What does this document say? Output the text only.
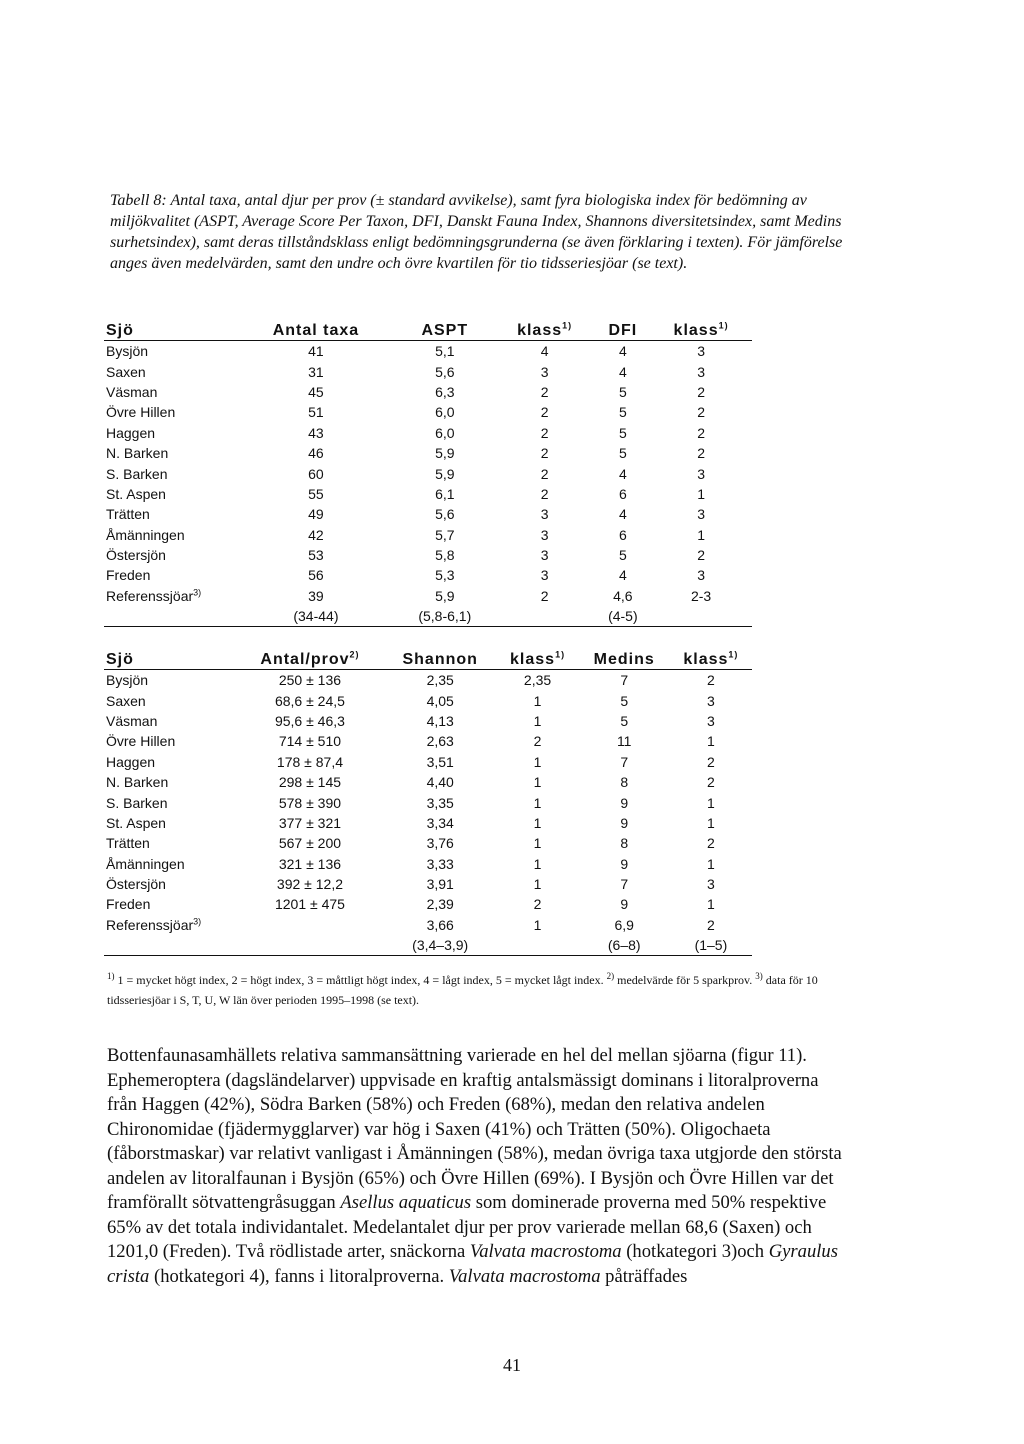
Tabell 8: Antal taxa, antal djur per prov (± standard avvikelse), samt fyra biologiska index för bedömning av miljökvalitet (ASPT, Average Score Per Taxon, DFI, Danskt Fauna Index, Shannons diversitetsindex, samt Medins surhetsindex), samt deras tillståndsklass enligt bedömningsgrunderna (se även förklaring i texten). För jämförelse anges även medelvärden, samt den undre och övre kvartilen för tio tidsseriesjöar (se text).
Sjö	Antal taxa	ASPT	klass$^{1)}$	DFI	klass$^{1)}$
Bysjön	41	5,1	4	4	3
Saxen	31	5,6	3	4	3
Väsman	45	6,3	2	5	2
Övre Hillen	51	6,0	2	5	2
Haggen	43	6,0	2	5	2
N. Barken	46	5,9	2	5	2
S. Barken	60	5,9	2	4	3
St. Aspen	55	6,1	2	6	1
Trätten	49	5,6	3	4	3
Åmänningen	42	5,7	3	6	1
Östersjön	53	5,8	3	5	2
Freden	56	5,3	3	4	3
Referenssjöar$^{3)}$	39	5,9	2	4,6	2-3
	(34-44)	(5,8-6,1)		(4-5)	
Sjö	Antal/prov$^{2)}$	Shannon	klass$^{1)}$	Medins	klass$^{1)}$
Bysjön	250 ± 136	2,35	2,35	7	2
Saxen	68,6 ± 24,5	4,05	1	5	3
Väsman	95,6 ± 46,3	4,13	1	5	3
Övre Hillen	714 ± 510	2,63	2	11	1
Haggen	178 ± 87,4	3,51	1	7	2
N. Barken	298 ± 145	4,40	1	8	2
S. Barken	578 ± 390	3,35	1	9	1
St. Aspen	377 ± 321	3,34	1	9	1
Trätten	567 ± 200	3,76	1	8	2
Åmänningen	321 ± 136	3,33	1	9	1
Östersjön	392 ± 12,2	3,91	1	7	3
Freden	1201 ± 475	2,39	2	9	1
Referenssjöar$^{3)}$		3,66	1	6,9	2
		(3,4–3,9)		(6–8)	(1–5)
$^{1)}$ 1 = mycket högt index, 2 = högt index, 3 = måttligt högt index, 4 = lågt index, 5 = mycket lågt index. $^{2)}$ medelvärde för 5 sparkprov. $^{3)}$ data för 10 tidsseriesjöar i S, T, U, W län över perioden 1995–1998 (se text).

Bottenfaunasamhällets relativa sammansättning varierade en hel del mellan sjöarna (figur 11). Ephemeroptera (dagsländelarver) uppvisade en kraftig antalsmässigt dominans i litoralproverna från Haggen (42%), Södra Barken (58%) och Freden (68%), medan den relativa andelen Chironomidae (fjädermygglarver) var hög i Saxen (41%) och Trätten (50%). Oligochaeta (fåborstmaskar) var relativt vanligast i Åmänningen (58%), medan övriga taxa utgjorde den största andelen av litoralfaunan i Bysjön (65%) och Övre Hillen (69%). I Bysjön och Övre Hillen var det framförallt sötvattengråsuggan Asellus aquaticus som dominerade proverna med 50% respektive 65% av det totala individantalet. Medelantalet djur per prov varierade mellan 68,6 (Saxen) och 1201,0 (Freden). Två rödlistade arter, snäckorna Valvata macrostoma (hotkategori 3)och Gyraulus crista (hotkategori 4), fanns i litoralproverna. Valvata macrostoma påträffades

41
